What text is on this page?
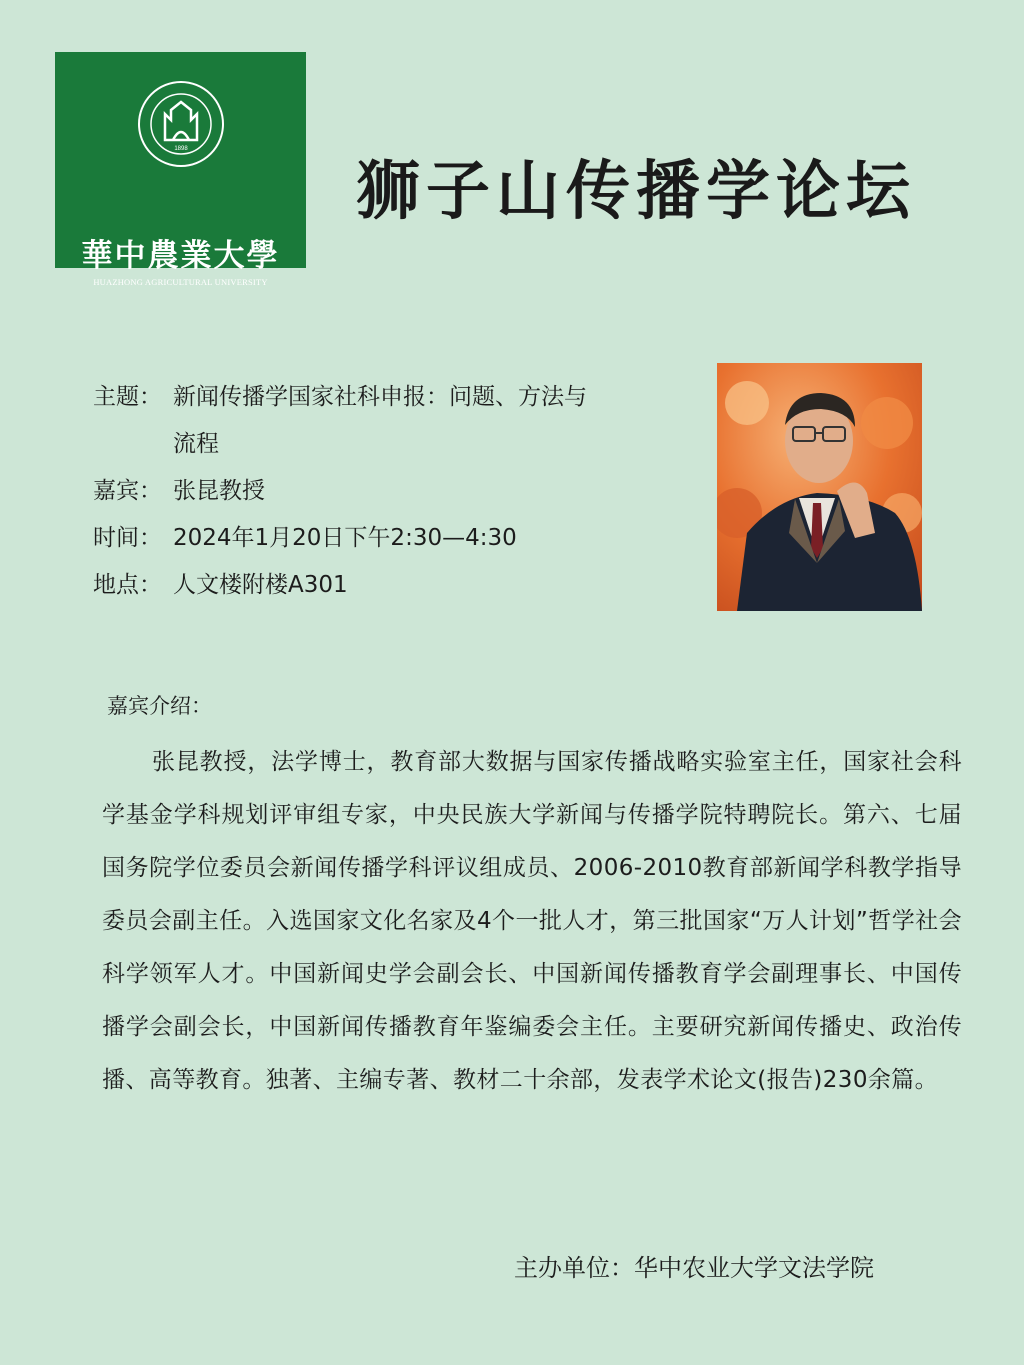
1898
華中農業大學
HUAZHONG AGRICULTURAL UNIVERSITY
狮子山传播学论坛
主题： 新闻传播学国家社科申报：问题、方法与
流程
嘉宾： 张昆教授
时间： 2024年1月20日下午2:30—4:30
地点： 人文楼附楼A301
嘉宾介绍：
张昆教授，法学博士，教育部大数据与国家传播战略实验室主任，国家社会科学基金学科规划评审组专家，中央民族大学新闻与传播学院特聘院长。第六、七届国务院学位委员会新闻传播学科评议组成员、2006-2010教育部新闻学科教学指导委员会副主任。入选国家文化名家及4个一批人才，第三批国家“万人计划”哲学社会科学领军人才。中国新闻史学会副会长、中国新闻传播教育学会副理事长、中国传播学会副会长，中国新闻传播教育年鉴编委会主任。主要研究新闻传播史、政治传播、高等教育。独著、主编专著、教材二十余部，发表学术论文(报告)230余篇。
主办单位：华中农业大学文法学院
